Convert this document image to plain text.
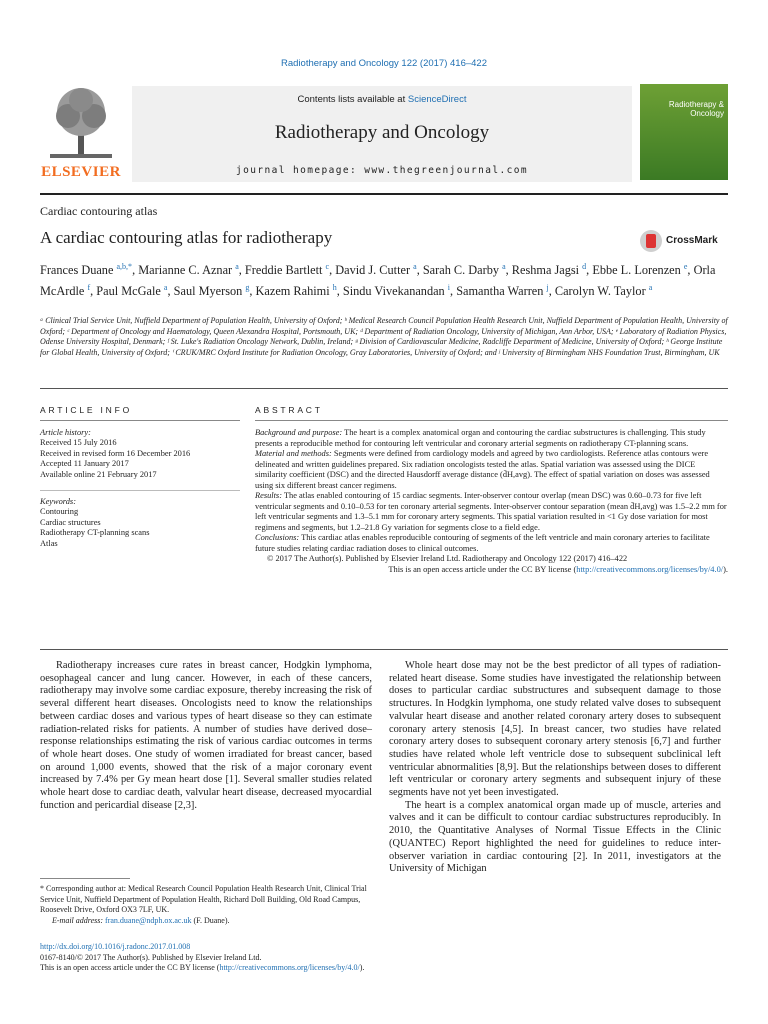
Radiotherapy and Oncology 122 (2017) 416–422
ELSEVIER
Contents lists available at ScienceDirect
Radiotherapy and Oncology
journal homepage: www.thegreenjournal.com
Radiotherapy & Oncology
Cardiac contouring atlas
A cardiac contouring atlas for radiotherapy	CrossMark
Frances Duane $^{a,b,*}$, Marianne C. Aznar $^a$, Freddie Bartlett $^c$, David J. Cutter $^a$, Sarah C. Darby $^a$, Reshma Jagsi $^d$, Ebbe L. Lorenzen $^e$, Orla McArdle $^f$, Paul McGale $^a$, Saul Myerson $^g$, Kazem Rahimi $^h$, Sindu Vivekanandan $^i$, Samantha Warren $^j$, Carolyn W. Taylor $^a$
ᵃ Clinical Trial Service Unit, Nuffield Department of Population Health, University of Oxford; ᵇ Medical Research Council Population Health Research Unit, Nuffield Department of Population Health, University of Oxford; ᶜ Department of Oncology and Haematology, Queen Alexandra Hospital, Portsmouth, UK; ᵈ Department of Radiation Oncology, University of Michigan, Ann Arbor, USA; ᵉ Laboratory of Radiation Physics, Odense University Hospital, Denmark; ᶠ St. Luke's Radiation Oncology Network, Dublin, Ireland; ᵍ Division of Cardiovascular Medicine, Radcliffe Department of Medicine, University of Oxford; ʰ George Institute for Global Health, University of Oxford; ⁱ CRUK/MRC Oxford Institute for Radiation Oncology, Gray Laboratories, University of Oxford; and ʲ University of Birmingham NHS Foundation Trust, Birmingham, UK
ARTICLE INFO	ABSTRACT
Article history:
Received 15 July 2016
Received in revised form 16 December 2016
Accepted 11 January 2017
Available online 21 February 2017
Keywords:
Contouring
Cardiac structures
Radiotherapy CT-planning scans
Atlas

Background and purpose: The heart is a complex anatomical organ and contouring the cardiac substructures is challenging. This study presents a reproducible method for contouring left ventricular and coronary arterial segments on radiotherapy CT-planning scans.

Material and methods: Segments were defined from cardiology models and agreed by two cardiologists. Reference atlas contours were delineated and written guidelines prepared. Six radiation oncologists tested the atlas. Spatial variation was assessed using the DICE similarity coefficient (DSC) and the directed Hausdorff average distance (d̄H,avg). The effect of spatial variation on doses was assessed using six different breast cancer regimens.

Results: The atlas enabled contouring of 15 cardiac segments. Inter-observer contour overlap (mean DSC) was 0.60–0.73 for five left ventricular segments and 0.10–0.53 for ten coronary arterial segments. Inter-observer contour separation (mean d̄H,avg) was 1.5–2.2 mm for left ventricular segments and 1.3–5.1 mm for coronary artery segments. This spatial variation resulted in <1 Gy dose variation for most regimens and segments, but 1.2–21.8 Gy variation for segments close to a field edge.

Conclusions: This cardiac atlas enables reproducible contouring of segments of the left ventricle and main coronary arteries to facilitate future studies relating cardiac radiation doses to clinical outcomes.

© 2017 The Author(s). Published by Elsevier Ireland Ltd. Radiotherapy and Oncology 122 (2017) 416–422

This is an open access article under the CC BY license (http://creativecommons.org/licenses/by/4.0/).

Radiotherapy increases cure rates in breast cancer, Hodgkin lymphoma, oesophageal cancer and lung cancer. However, in each of these cancers, radiotherapy may involve some cardiac exposure, thereby increasing the risk of several different heart diseases. Oncologists need to know the relationships between cardiac doses and various types of heart disease so they can estimate radiation-related risks for patients. A number of studies have derived dose–response relationships estimating the risk of various cardiac outcomes in terms of whole heart doses. One study of women irradiated for breast cancer, based on around 1,000 events, showed that the risk of a major coronary event increased by 7.4% per Gy mean heart dose [1]. Several smaller studies related whole heart dose to cardiac death, valvular heart disease, decreased myocardial function and pericardial disease [2,3].

Whole heart dose may not be the best predictor of all types of radiation-related heart disease. Some studies have investigated the relationship between doses to particular cardiac substructures and subsequent damage to those structures. In Hodgkin lymphoma, one study related valve doses to subsequent valvular heart disease and another related coronary artery doses to subsequent coronary artery stenosis [4,5]. In breast cancer, two studies have related coronary artery doses to subsequent coronary artery stenosis [6,7] and further studies have related whole left ventricle dose to subsequent subclinical left ventricular abnormalities [8,9]. But the relationships between doses to different left ventricular or coronary artery segments and subsequent injury of these segments have not yet been investigated.

The heart is a complex anatomical organ made up of muscle, arteries and valves and it can be difficult to contour cardiac substructures reproducibly. In 2010, the Quantitative Analyses of Normal Tissue Effects in the Clinic (QUANTEC) Report highlighted the need for guidelines to reduce inter-observer variation in cardiac contouring [2]. In 2011, investigators at the University of Michigan

* Corresponding author at: Medical Research Council Population Health Research Unit, Clinical Trial Service Unit, Nuffield Department of Population Health, Richard Doll Building, Old Road Campus, Roosevelt Drive, Oxford OX3 7LF, UK.
E-mail address: fran.duane@ndph.ox.ac.uk (F. Duane).
http://dx.doi.org/10.1016/j.radonc.2017.01.008
0167-8140/© 2017 The Author(s). Published by Elsevier Ireland Ltd.
This is an open access article under the CC BY license (http://creativecommons.org/licenses/by/4.0/).
